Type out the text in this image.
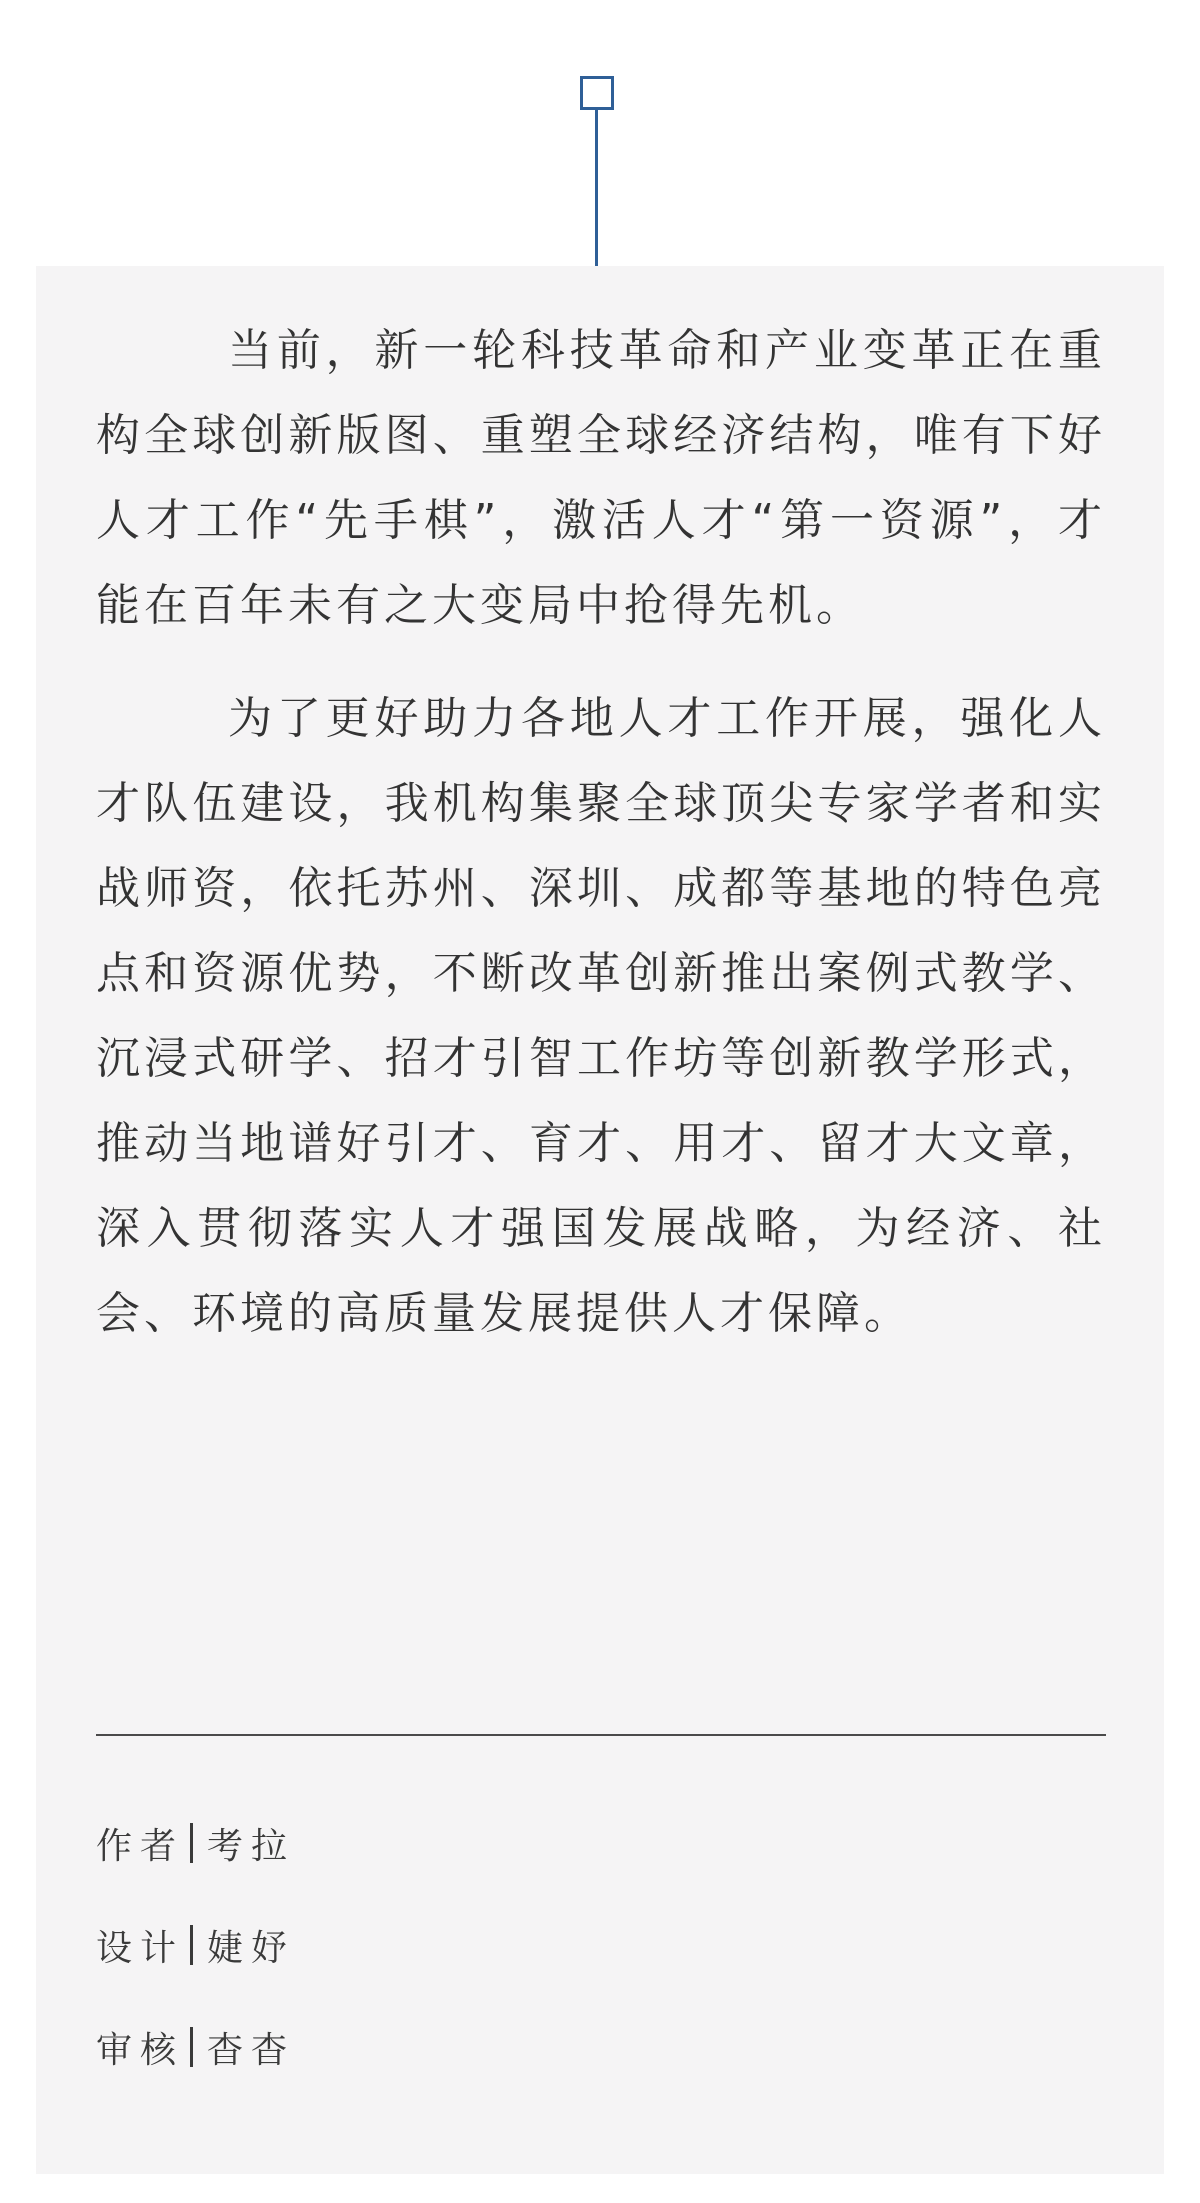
当前，新一轮科技革命和产业变革正在重构全球创新版图、重塑全球经济结构，唯有下好人才工作“先手棋”，激活人才“第一资源”，才能在百年未有之大变局中抢得先机。

为了更好助力各地人才工作开展，强化人才队伍建设，我机构集聚全球顶尖专家学者和实战师资，依托苏州、深圳、成都等基地的特色亮点和资源优势，不断改革创新推出案例式教学、沉浸式研学、招才引智工作坊等创新教学形式，推动当地谱好引才、育才、用才、留才大文章，深入贯彻落实人才强国发展战略，为经济、社会、环境的高质量发展提供人才保障。

作者 考拉
设计 婕妤
审核 杳杳
